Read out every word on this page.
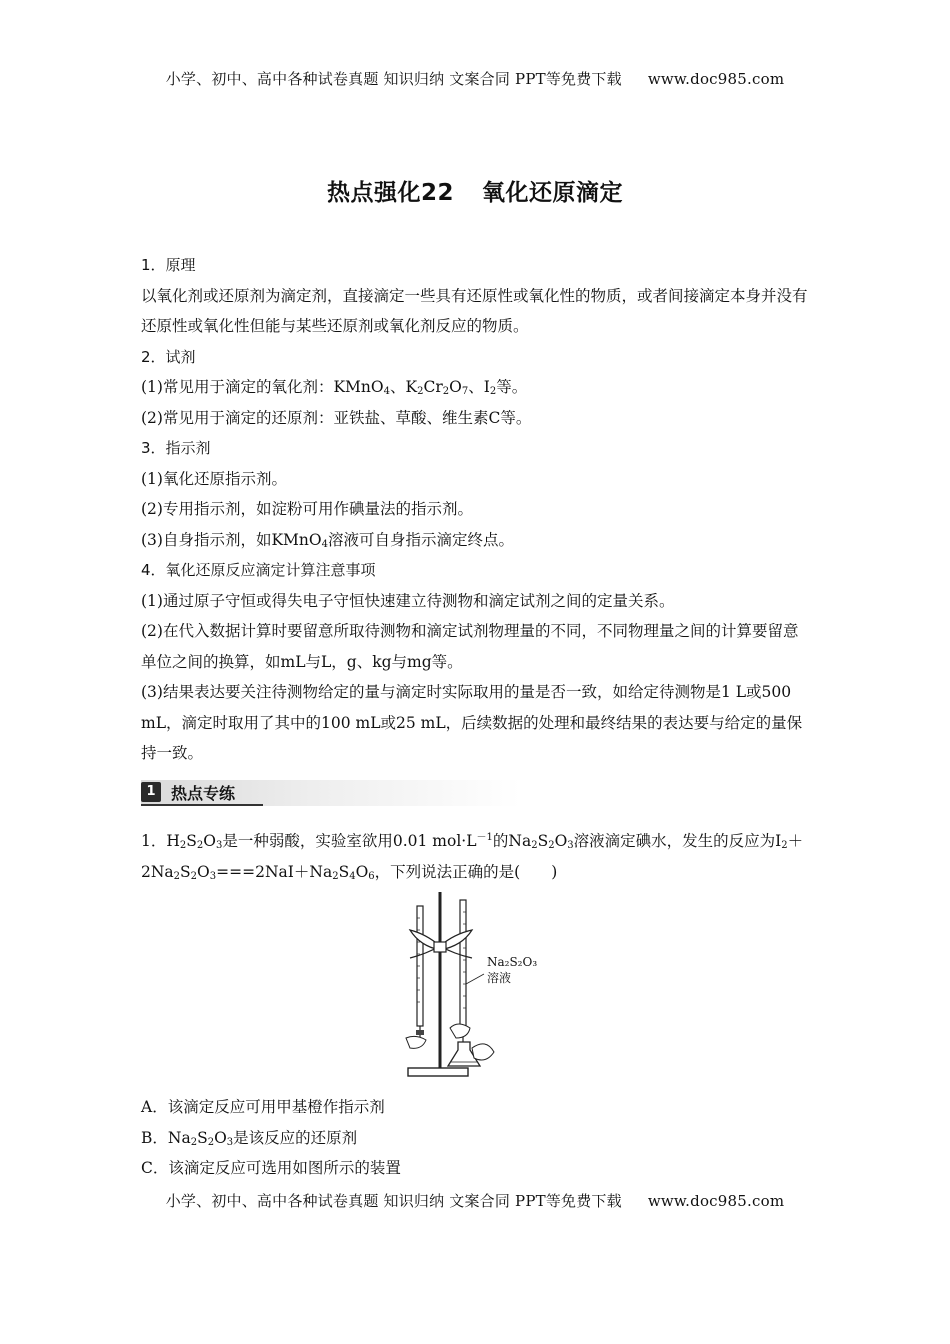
小学、初中、高中各种试卷真题 知识归纳 文案合同 PPT等免费下载 www.doc985.com
热点强化22 氧化还原滴定

1．原理

以氧化剂或还原剂为滴定剂，直接滴定一些具有还原性或氧化性的物质，或者间接滴定本身并没有还原性或氧化性但能与某些还原剂或氧化剂反应的物质。

2．试剂

(1)常见用于滴定的氧化剂：KMnO$_4$、$K_2Cr_2O_7$、$I_2$等。

(2)常见用于滴定的还原剂：亚铁盐、草酸、维生素C等。

3．指示剂

(1)氧化还原指示剂。

(2)专用指示剂，如淀粉可用作碘量法的指示剂。

(3)自身指示剂，如KMnO$_4$溶液可自身指示滴定终点。

4．氧化还原反应滴定计算注意事项

(1)通过原子守恒或得失电子守恒快速建立待测物和滴定试剂之间的定量关系。

(2)在代入数据计算时要留意所取待测物和滴定试剂物理量的不同，不同物理量之间的计算要留意单位之间的换算，如mL与L，g、kg与mg等。

(3)结果表达要关注待测物给定的量与滴定时实际取用的量是否一致，如给定待测物是1 L或500 mL，滴定时取用了其中的100 mL或25 mL，后续数据的处理和最终结果的表达要与给定的量保持一致。

1 热点专练

1．$H_2S_2O_3$是一种弱酸，实验室欲用0.01 $mol\cdot L^{-1}$的$Na_2S_2O_3$溶液滴定碘水，发生的反应为$I_2+2Na_2S_2O_3===2NaI+Na_2S_4O_6$，下列说法正确的是(　　)

Na₂S₂O₃
溶液

A．该滴定反应可用甲基橙作指示剂

B．$Na_2S_2O_3$是该反应的还原剂

C．该滴定反应可选用如图所示的装置

小学、初中、高中各种试卷真题 知识归纳 文案合同 PPT等免费下载 www.doc985.com
